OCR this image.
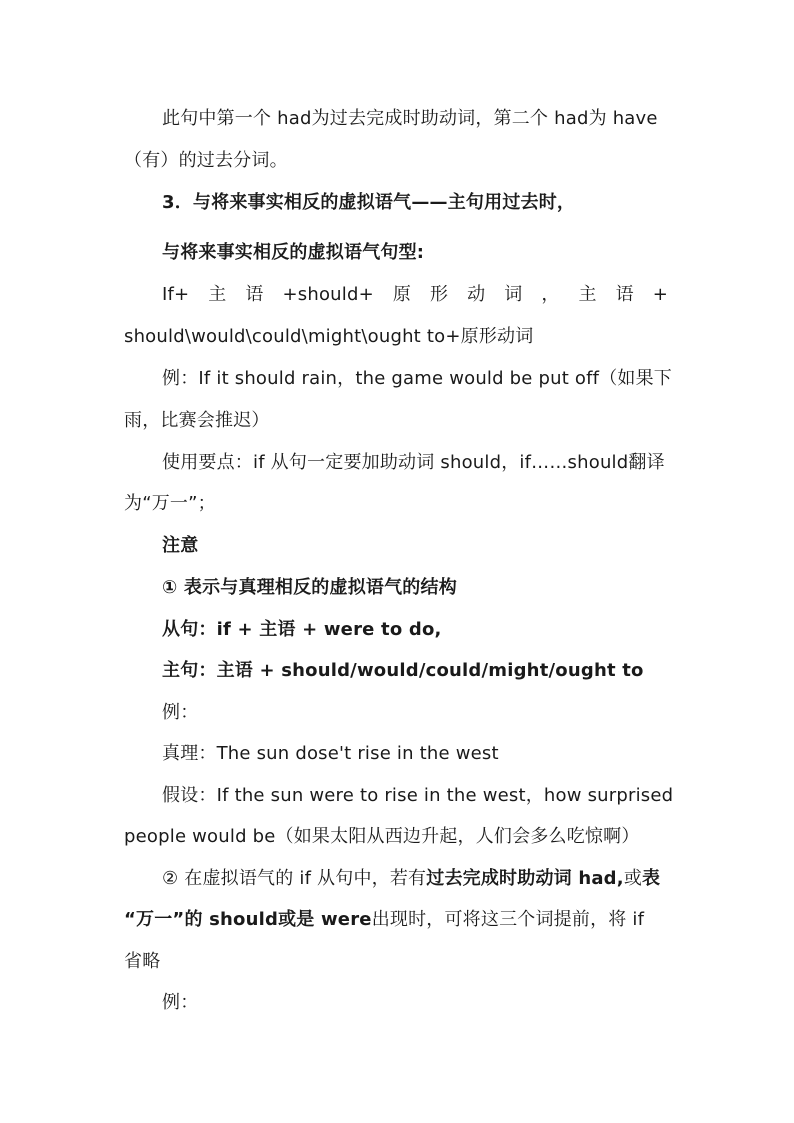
此句中第一个 had为过去完成时助动词，第二个 had为 have
（有）的过去分词。
3．与将来事实相反的虚拟语气——主句用过去时，
与将来事实相反的虚拟语气句型:
If+ 主 语 +should+ 原 形 动 词 ， 主 语 +
should\would\could\might\ought to+原形动词
例：If it should rain，the game would be put off（如果下
雨，比赛会推迟）
使用要点：if 从句一定要加助动词 should，if……should翻译
为“万一”；
注意
① 表示与真理相反的虚拟语气的结构
从句：if + 主语 + were to do,
主句：主语 + should/would/could/might/ought to
例：
真理：The sun dose't rise in the west
假设：If the sun were to rise in the west，how surprised
people would be（如果太阳从西边升起，人们会多么吃惊啊）
② 在虚拟语气的 if 从句中，若有过去完成时助动词 had,或表
“万一”的 should或是 were出现时，可将这三个词提前，将 if
省略
例：
